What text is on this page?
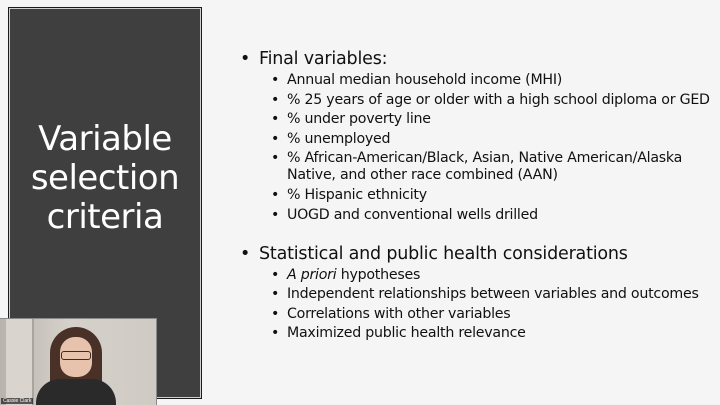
Variable
selection
criteria
• Final variables:
• Annual median household income (MHI)
• % 25 years of age or older with a high school diploma or GED
• % under poverty line
• % unemployed
• % African-American/Black, Asian, Native American/Alaska
Native, and other race combined (AAN)
• % Hispanic ethnicity
• UOGD and conventional wells drilled
• Statistical and public health considerations
• A priori hypotheses
• Independent relationships between variables and outcomes
• Correlations with other variables
• Maximized public health relevance
Cassie Clark
